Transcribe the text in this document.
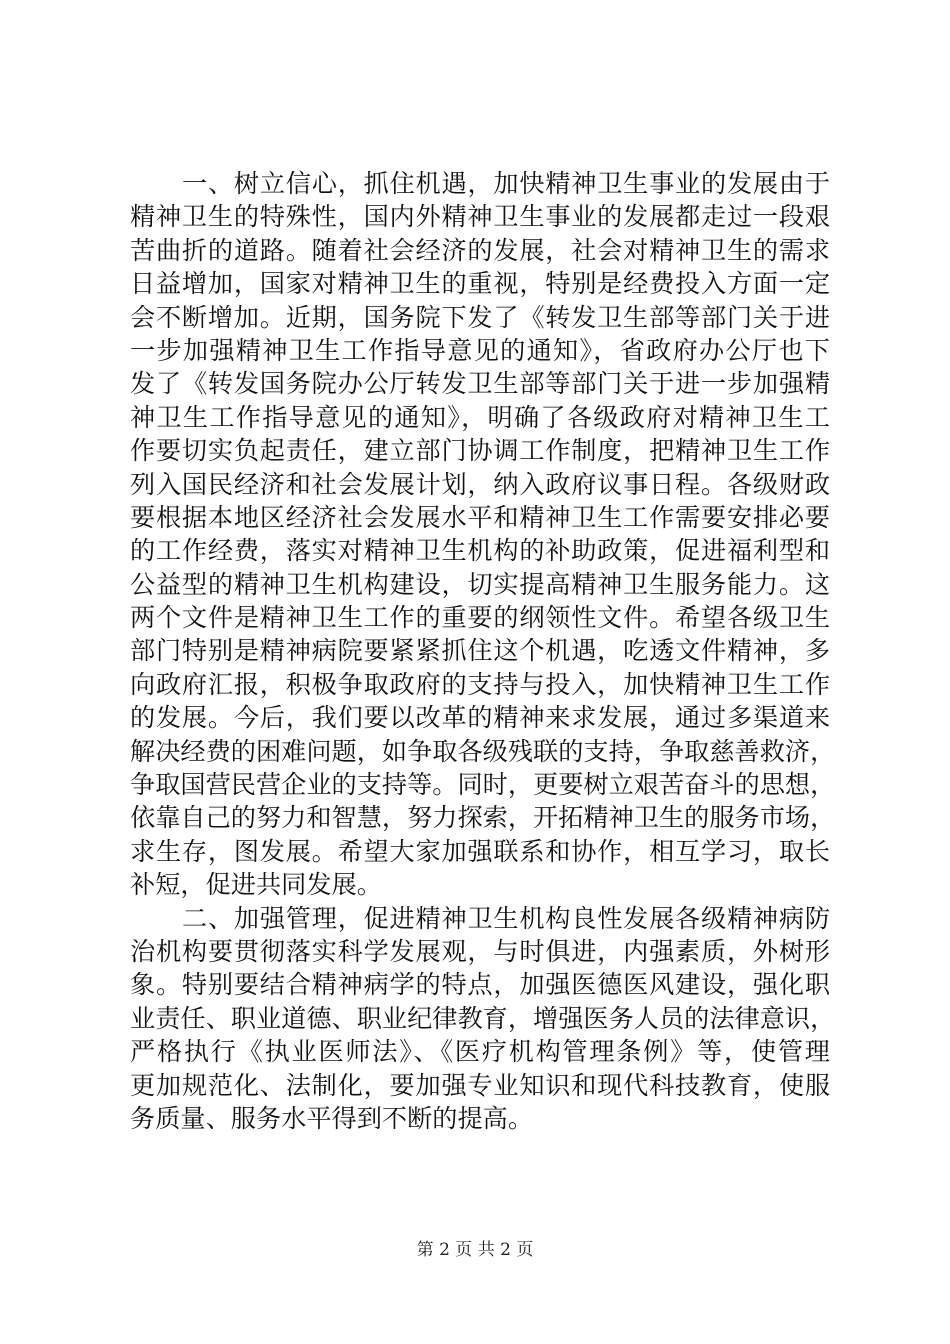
一、树立信心，抓住机遇，加快精神卫生事业的发展由于
精神卫生的特殊性，国内外精神卫生事业的发展都走过一段艰
苦曲折的道路。随着社会经济的发展，社会对精神卫生的需求
日益增加，国家对精神卫生的重视，特别是经费投入方面一定
会不断增加。近期，国务院下发了《转发卫生部等部门关于进
一步加强精神卫生工作指导意见的通知》，省政府办公厅也下
发了《转发国务院办公厅转发卫生部等部门关于进一步加强精
神卫生工作指导意见的通知》，明确了各级政府对精神卫生工
作要切实负起责任，建立部门协调工作制度，把精神卫生工作
列入国民经济和社会发展计划，纳入政府议事日程。各级财政
要根据本地区经济社会发展水平和精神卫生工作需要安排必要
的工作经费，落实对精神卫生机构的补助政策，促进福利型和
公益型的精神卫生机构建设，切实提高精神卫生服务能力。这
两个文件是精神卫生工作的重要的纲领性文件。希望各级卫生
部门特别是精神病院要紧紧抓住这个机遇，吃透文件精神，多
向政府汇报，积极争取政府的支持与投入，加快精神卫生工作
的发展。今后，我们要以改革的精神来求发展，通过多渠道来
解决经费的困难问题，如争取各级残联的支持，争取慈善救济，
争取国营民营企业的支持等。同时，更要树立艰苦奋斗的思想，
依靠自己的努力和智慧，努力探索，开拓精神卫生的服务市场，
求生存，图发展。希望大家加强联系和协作，相互学习，取长
补短，促进共同发展。
二、加强管理，促进精神卫生机构良性发展各级精神病防
治机构要贯彻落实科学发展观，与时俱进，内强素质，外树形
象。特别要结合精神病学的特点，加强医德医风建设，强化职
业责任、职业道德、职业纪律教育，增强医务人员的法律意识，
严格执行《执业医师法》、《医疗机构管理条例》等，使管理
更加规范化、法制化，要加强专业知识和现代科技教育，使服
务质量、服务水平得到不断的提高。
第 2 页 共 2 页
